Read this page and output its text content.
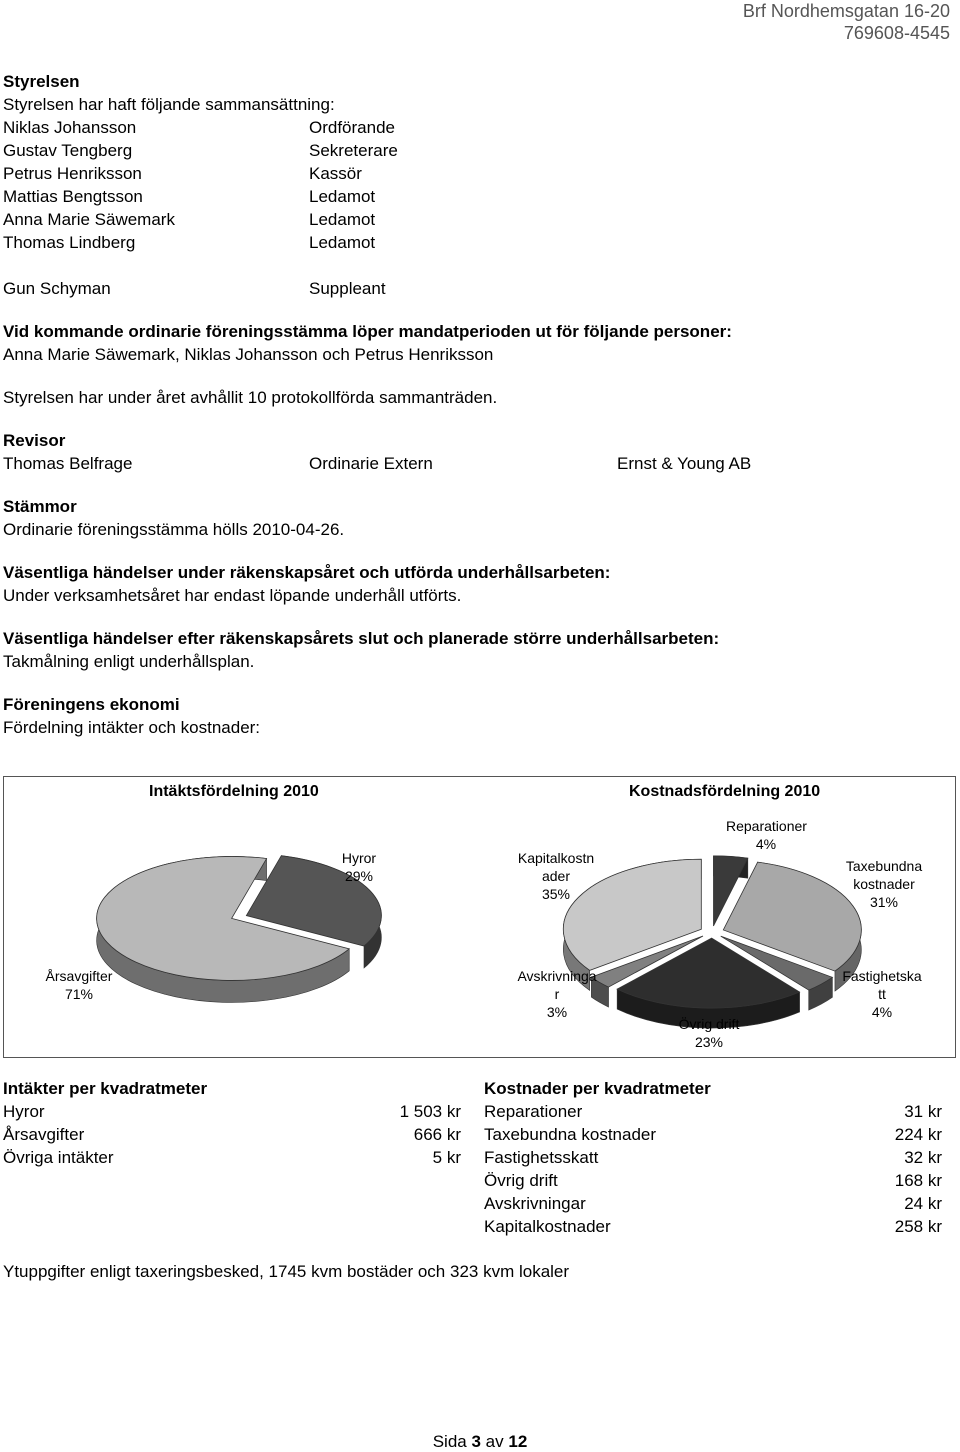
Brf Nordhemsgatan 16-20
769608-4545
Styrelsen
Styrelsen har haft följande sammansättning:
Niklas Johansson	Ordförande
Gustav Tengberg	Sekreterare
Petrus Henriksson	Kassör
Mattias Bengtsson	Ledamot
Anna Marie Säwemark	Ledamot
Thomas Lindberg	Ledamot
Gun Schyman	Suppleant
Vid kommande ordinarie föreningsstämma löper mandatperioden ut för följande personer:
Anna Marie Säwemark, Niklas Johansson och Petrus Henriksson
Styrelsen har under året avhållit 10 protokollförda sammanträden.
Revisor
Thomas Belfrage	Ordinarie Extern	Ernst & Young AB
Stämmor
Ordinarie föreningsstämma hölls 2010-04-26.
Väsentliga händelser under räkenskapsåret och utförda underhållsarbeten:
Under verksamhetsåret har endast löpande underhåll utförts.
Väsentliga händelser efter räkenskapsårets slut och planerade större underhållsarbeten:
Takmålning enligt underhållsplan.
Föreningens ekonomi
Fördelning intäkter och kostnader:
Intäktsfördelning 2010	Kostnadsfördelning 2010
Hyror
29%
Årsavgifter
71%
Reparationer
4%
Taxebundna
kostnader
31%
Fastighetska
tt
4%
Övrig drift
23%
Avskrivninga
r
3%
Kapitalkostn
ader
35%
Intäkter per kvadratmeter
Hyror	1 503 kr
Årsavgifter	666 kr
Övriga intäkter	5 kr
Kostnader per kvadratmeter
Reparationer	31 kr
Taxebundna kostnader	224 kr
Fastighetsskatt	32 kr
Övrig drift	168 kr
Avskrivningar	24 kr
Kapitalkostnader	258 kr
Ytuppgifter enligt taxeringsbesked, 1745 kvm bostäder och 323 kvm lokaler
Sida 3 av 12
